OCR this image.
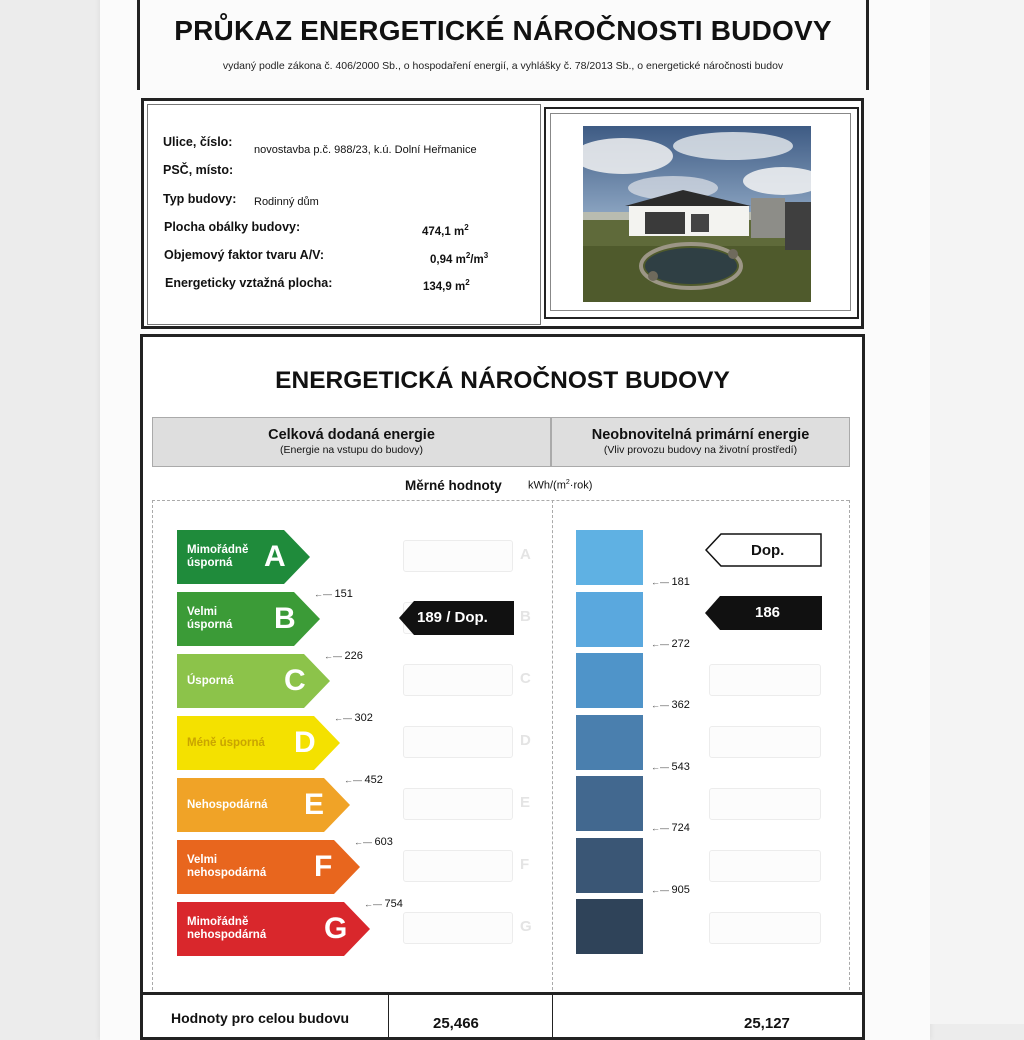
PRŮKAZ ENERGETICKÉ NÁROČNOSTI BUDOVY
vydaný podle zákona č. 406/2000 Sb., o hospodaření energií, a vyhlášky č. 78/2013 Sb., o energetické náročnosti budov
Ulice, číslo:
novostavba p.č. 988/23, k.ú. Dolní Heřmanice
PSČ, místo:
Typ budovy: Rodinný dům
Plocha obálky budovy:	474,1 $m^2$
Objemový faktor tvaru A/V:	0,94 $m^2/m^3$
Energeticky vztažná plocha:	134,9 $m^2$
ENERGETICKÁ NÁROČNOST BUDOVY
Celková dodaná energie
(Energie na vstupu do budovy)
Neobnovitelná primární energie
(Vliv provozu budovy na životní prostředí)
Měrné hodnoty kWh/$(m^2\cdot rok)$
Mimořádně
úsporná	A
←— 151
Velmi
úsporná B
←— 226
Úsporná C
←— 302
Méně úsporná D
←— 452
Nehospodárná E
←— 603
Velmi
nehospodárná F
←— 754
Mimořádně
nehospodárná G
A
B
C
D
E
F
G
←— 181
←— 272
←— 362
←— 543
←— 724
←— 905
189 / Dop.
Dop.
186
Hodnoty pro celou budovu	25,466	25,127
